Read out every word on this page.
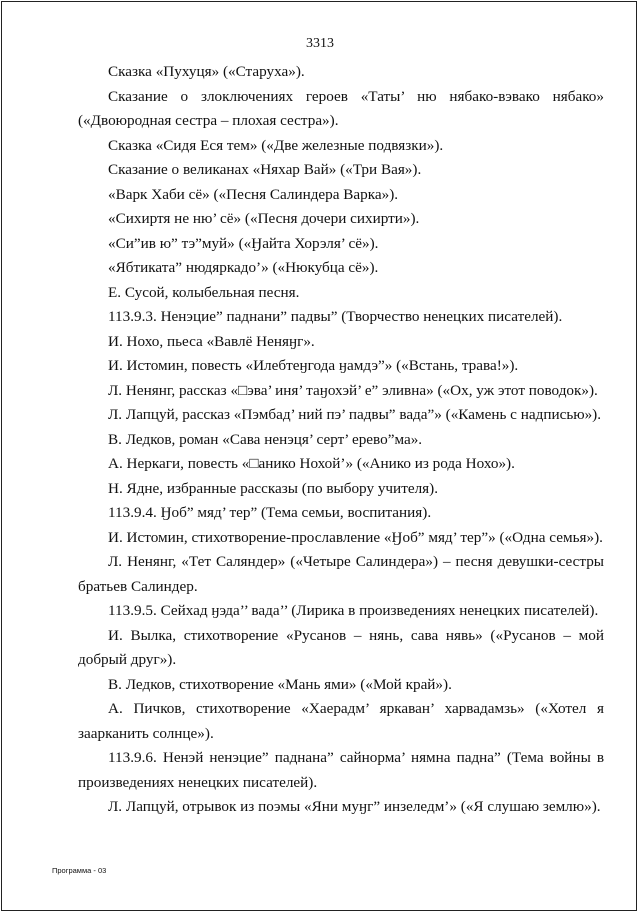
3313

Сказка «Пухуця» («Старуха»).

Сказание о злоключениях героев «Таты’ ню нябако-вэвако нябако» («Двоюродная сестра – плохая сестра»).

Сказка «Сидя Еся тем» («Две железные подвязки»).

Сказание о великанах «Няхар Вай» («Три Вая»).

«Варк Хаби сё» («Песня Салиндера Варка»).

«Сихиртя не ню’ сё» («Песня дочери сихирти»).

«Си”ив ю” тэ”муй» («Ӈайта Хорэля’ сё»).

«Ябтиката” нюдяркадо’» («Нюкубца сё»).

Е. Сусой, колыбельная песня.

113.9.3. Ненэцие” паднани” падвы” (Творчество ненецких писателей).

И. Нохо, пьеса «Вавлё Неняӈг».

И. Истомин, повесть «Илебтеӈгода ӈамдэ”» («Встань, трава!»).

Л. Ненянг, рассказ «□эва’ иня’ таӈохэй’ е” эливна» («Ох, уж этот поводок»).

Л. Лапцуй, рассказ «Пэмбад’ ний пэ’ падвы” вада”» («Камень с надписью»).

В. Ледков, роман «Сава ненэця’ серт’ ерево”ма».

А. Неркаги, повесть «□анико Нохой’» («Анико из рода Нохо»).

Н. Ядне, избранные рассказы (по выбору учителя).

113.9.4. Ӈоб” мяд’ тер” (Тема семьи, воспитания).

И. Истомин, стихотворение-прославление «Ӈоб” мяд’ тер”» («Одна семья»).

Л. Ненянг, «Тет Саляндер» («Четыре Салиндера») – песня девушки-сестры братьев Салиндер.

113.9.5. Сейхад ӈэда’’ вада’’ (Лирика в произведениях ненецких писателей).

И. Вылка, стихотворение «Русанов – нянь, сава нявь» («Русанов – мой добрый друг»).

В. Ледков, стихотворение «Мань ями» («Мой край»).

А. Пичков, стихотворение «Хаерадм’ яркаван’ харвадамзь» («Хотел я заарканить солнце»).

113.9.6. Ненэй ненэцие” паднана” сайнорма’ нямна падна” (Тема войны в произведениях ненецких писателей).

Л. Лапцуй, отрывок из поэмы «Яни муӈг” инзеледм’» («Я слушаю землю»).

Программа - 03
